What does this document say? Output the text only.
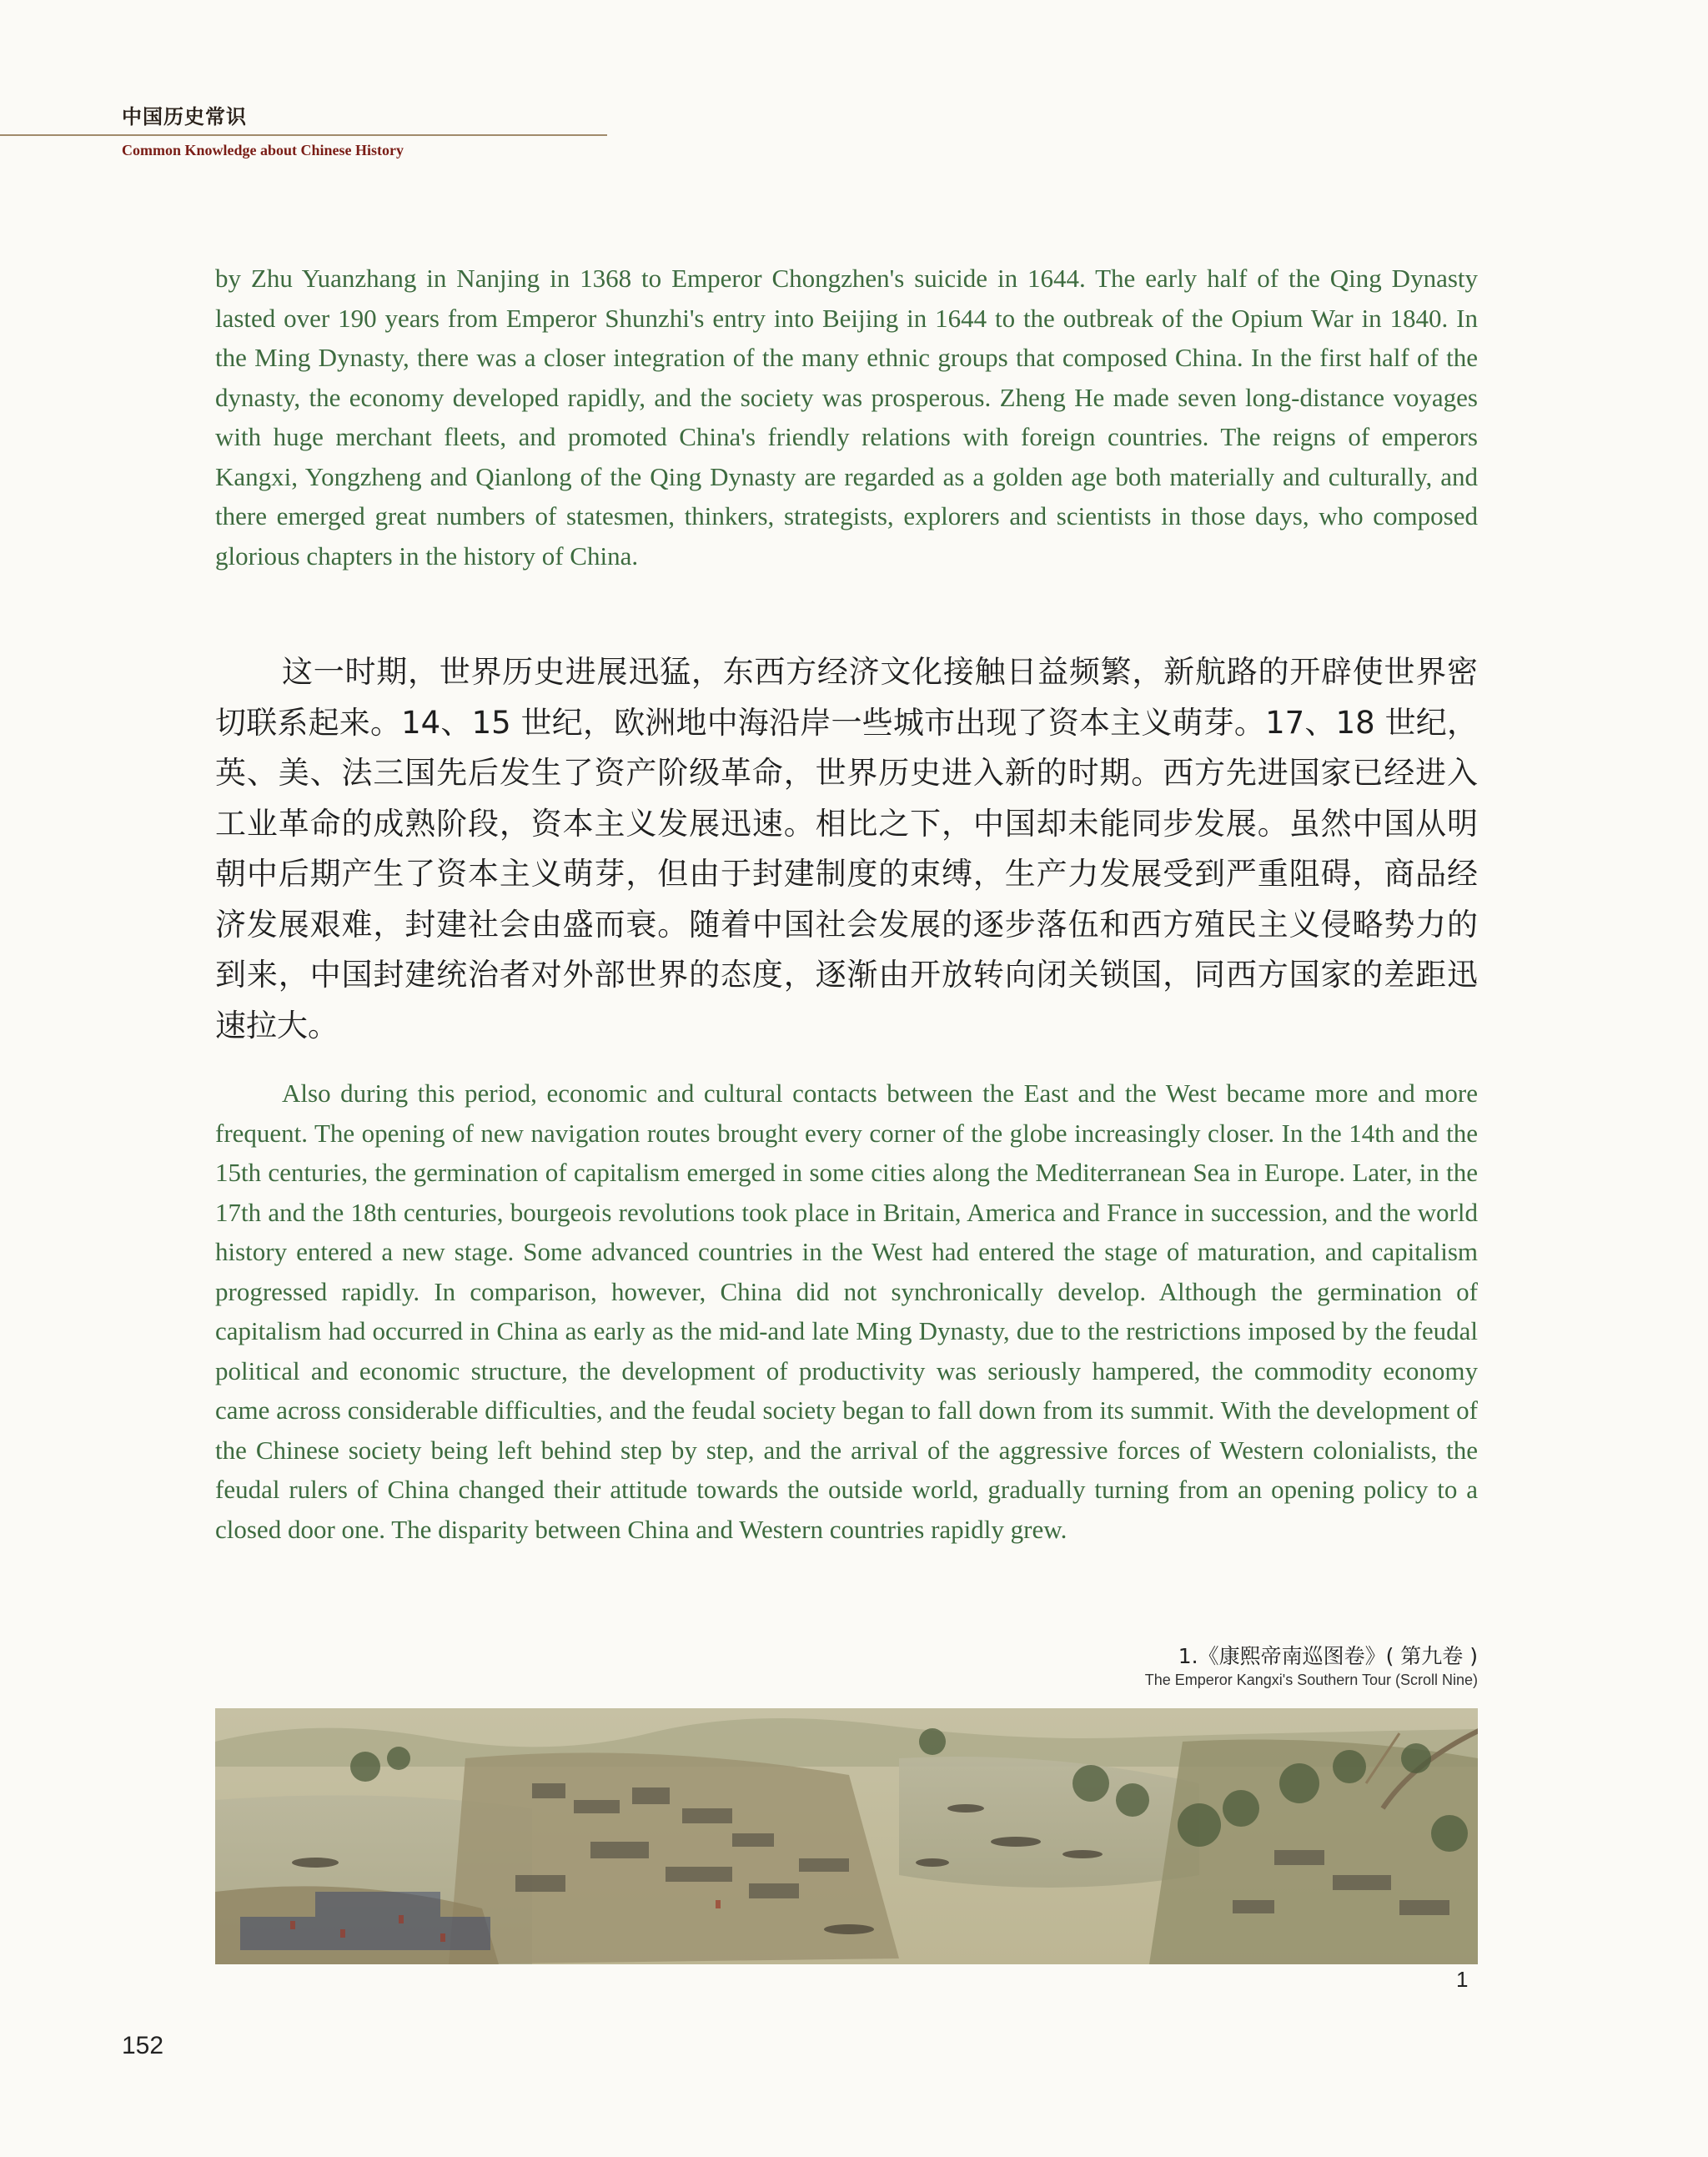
中国历史常识
Common Knowledge about Chinese History

by Zhu Yuanzhang in Nanjing in 1368 to Emperor Chongzhen's suicide in 1644. The early half of the Qing Dynasty lasted over 190 years from Emperor Shunzhi's entry into Beijing in 1644 to the outbreak of the Opium War in 1840. In the Ming Dynasty, there was a closer integration of the many ethnic groups that composed China. In the first half of the dynasty, the economy developed rapidly, and the society was prosperous. Zheng He made seven long-distance voyages with huge merchant fleets, and promoted China's friendly relations with foreign countries. The reigns of emperors Kangxi, Yongzheng and Qianlong of the Qing Dynasty are regarded as a golden age both materially and culturally, and there emerged great numbers of statesmen, thinkers, strategists, explorers and scientists in those days, who composed glorious chapters in the history of China.

这一时期，世界历史进展迅猛，东西方经济文化接触日益频繁，新航路的开辟使世界密切联系起来。14、15 世纪，欧洲地中海沿岸一些城市出现了资本主义萌芽。17、18 世纪，英、美、法三国先后发生了资产阶级革命，世界历史进入新的时期。西方先进国家已经进入工业革命的成熟阶段，资本主义发展迅速。相比之下，中国却未能同步发展。虽然中国从明朝中后期产生了资本主义萌芽，但由于封建制度的束缚，生产力发展受到严重阻碍，商品经济发展艰难，封建社会由盛而衰。随着中国社会发展的逐步落伍和西方殖民主义侵略势力的到来，中国封建统治者对外部世界的态度，逐渐由开放转向闭关锁国，同西方国家的差距迅速拉大。

Also during this period, economic and cultural contacts between the East and the West became more and more frequent. The opening of new navigation routes brought every corner of the globe increasingly closer. In the 14th and the 15th centuries, the germination of capitalism emerged in some cities along the Mediterranean Sea in Europe. Later, in the 17th and the 18th centuries, bourgeois revolutions took place in Britain, America and France in succession, and the world history entered a new stage. Some advanced countries in the West had entered the stage of maturation, and capitalism progressed rapidly. In comparison, however, China did not synchronically develop. Although the germination of capitalism had occurred in China as early as the mid-and late Ming Dynasty, due to the restrictions imposed by the feudal political and economic structure, the development of productivity was seriously hampered, the commodity economy came across considerable difficulties, and the feudal society began to fall down from its summit. With the development of the Chinese society being left behind step by step, and the arrival of the aggressive forces of Western colonialists, the feudal rulers of China changed their attitude towards the outside world, gradually turning from an opening policy to a closed door one. The disparity between China and Western countries rapidly grew.

1.《康熙帝南巡图卷》( 第九卷 )
The Emperor Kangxi's Southern Tour (Scroll Nine)
1
152
